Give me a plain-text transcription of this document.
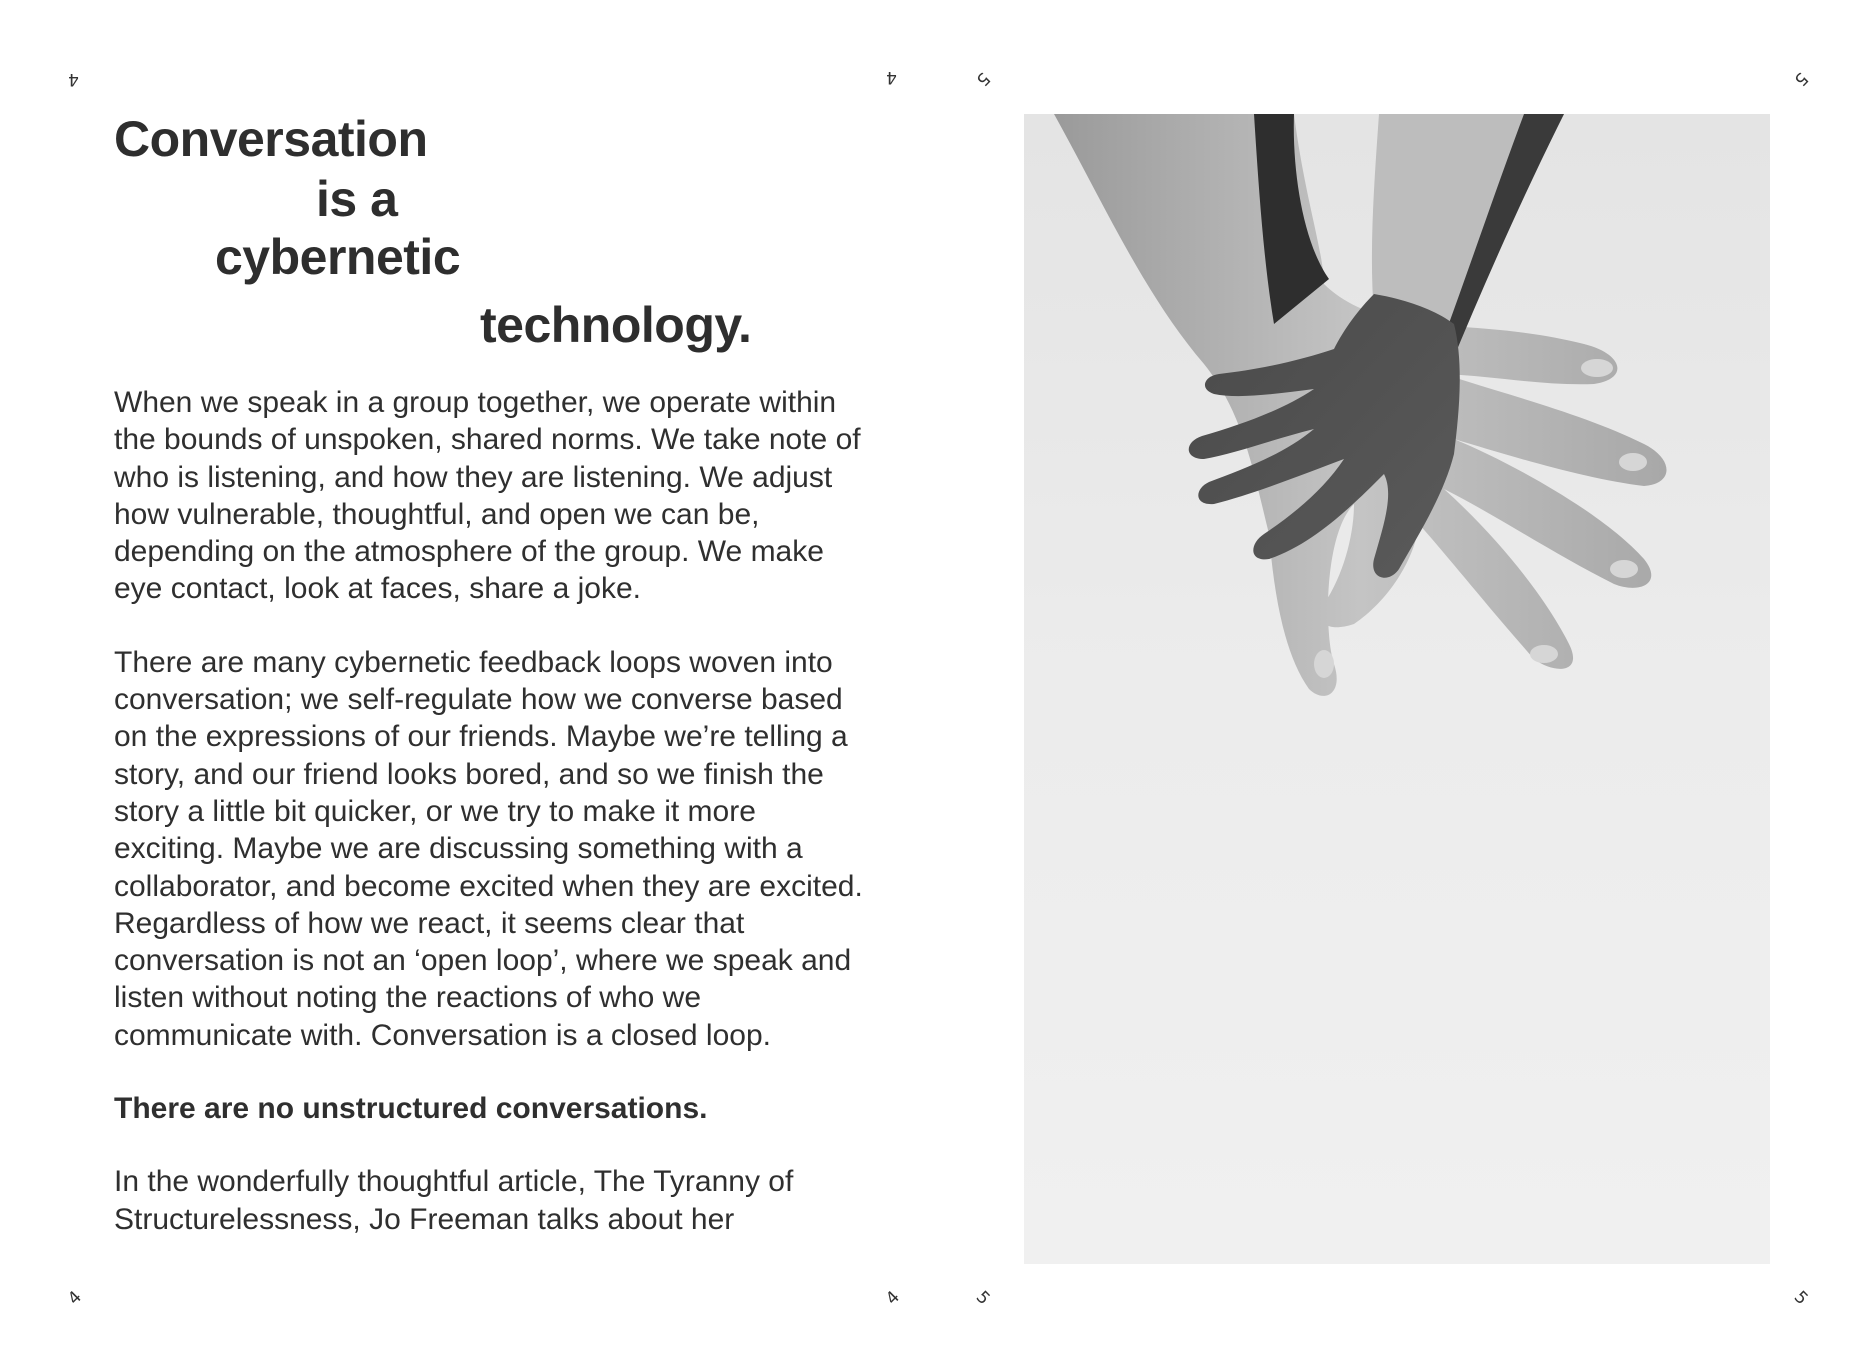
4	4
4	4
Conversation
is a
cybernetic
technology.

When we speak in a group together, we operate within the bounds of unspoken, shared norms. We take note of who is listening, and how they are listening. We adjust how vulnerable, thoughtful, and open we can be, depending on the atmosphere of the group. We make eye contact, look at faces, share a joke.

There are many cybernetic feedback loops woven into conversation; we self-regulate how we converse based on the expressions of our friends. Maybe we’re telling a story, and our friend looks bored, and so we finish the story a little bit quicker, or we try to make it more exciting. Maybe we are discussing something with a collaborator, and become excited when they are excited. Regardless of how we react, it seems clear that conversation is not an ‘open loop’, where we speak and listen without noting the reactions of who we communicate with. Conversation is a closed loop.

There are no unstructured conversations.

In the wonderfully thoughtful article, The Tyranny of Structurelessness, Jo Freeman talks about her

5	5
5	5
